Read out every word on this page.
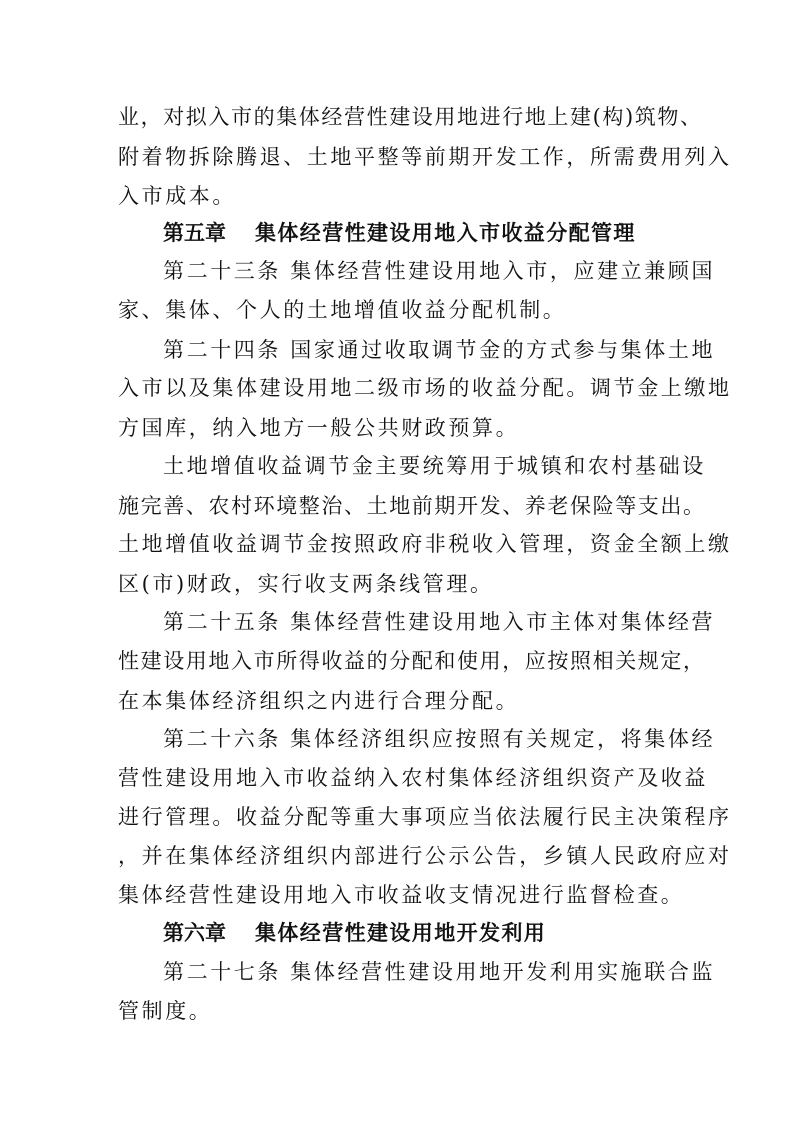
业，对拟入市的集体经营性建设用地进行地上建(构)筑物、
附着物拆除腾退、土地平整等前期开发工作，所需费用列入
入市成本。
第五章 集体经营性建设用地入市收益分配管理
第二十三条 集体经营性建设用地入市，应建立兼顾国
家、集体、个人的土地增值收益分配机制。
第二十四条 国家通过收取调节金的方式参与集体土地
入市以及集体建设用地二级市场的收益分配。调节金上缴地
方国库，纳入地方一般公共财政预算。
土地增值收益调节金主要统筹用于城镇和农村基础设
施完善、农村环境整治、土地前期开发、养老保险等支出。
土地增值收益调节金按照政府非税收入管理，资金全额上缴
区(市)财政，实行收支两条线管理。
第二十五条 集体经营性建设用地入市主体对集体经营
性建设用地入市所得收益的分配和使用，应按照相关规定，
在本集体经济组织之内进行合理分配。
第二十六条 集体经济组织应按照有关规定，将集体经
营性建设用地入市收益纳入农村集体经济组织资产及收益
进行管理。收益分配等重大事项应当依法履行民主决策程序
，并在集体经济组织内部进行公示公告，乡镇人民政府应对
集体经营性建设用地入市收益收支情况进行监督检查。
第六章 集体经营性建设用地开发利用
第二十七条 集体经营性建设用地开发利用实施联合监
管制度。
